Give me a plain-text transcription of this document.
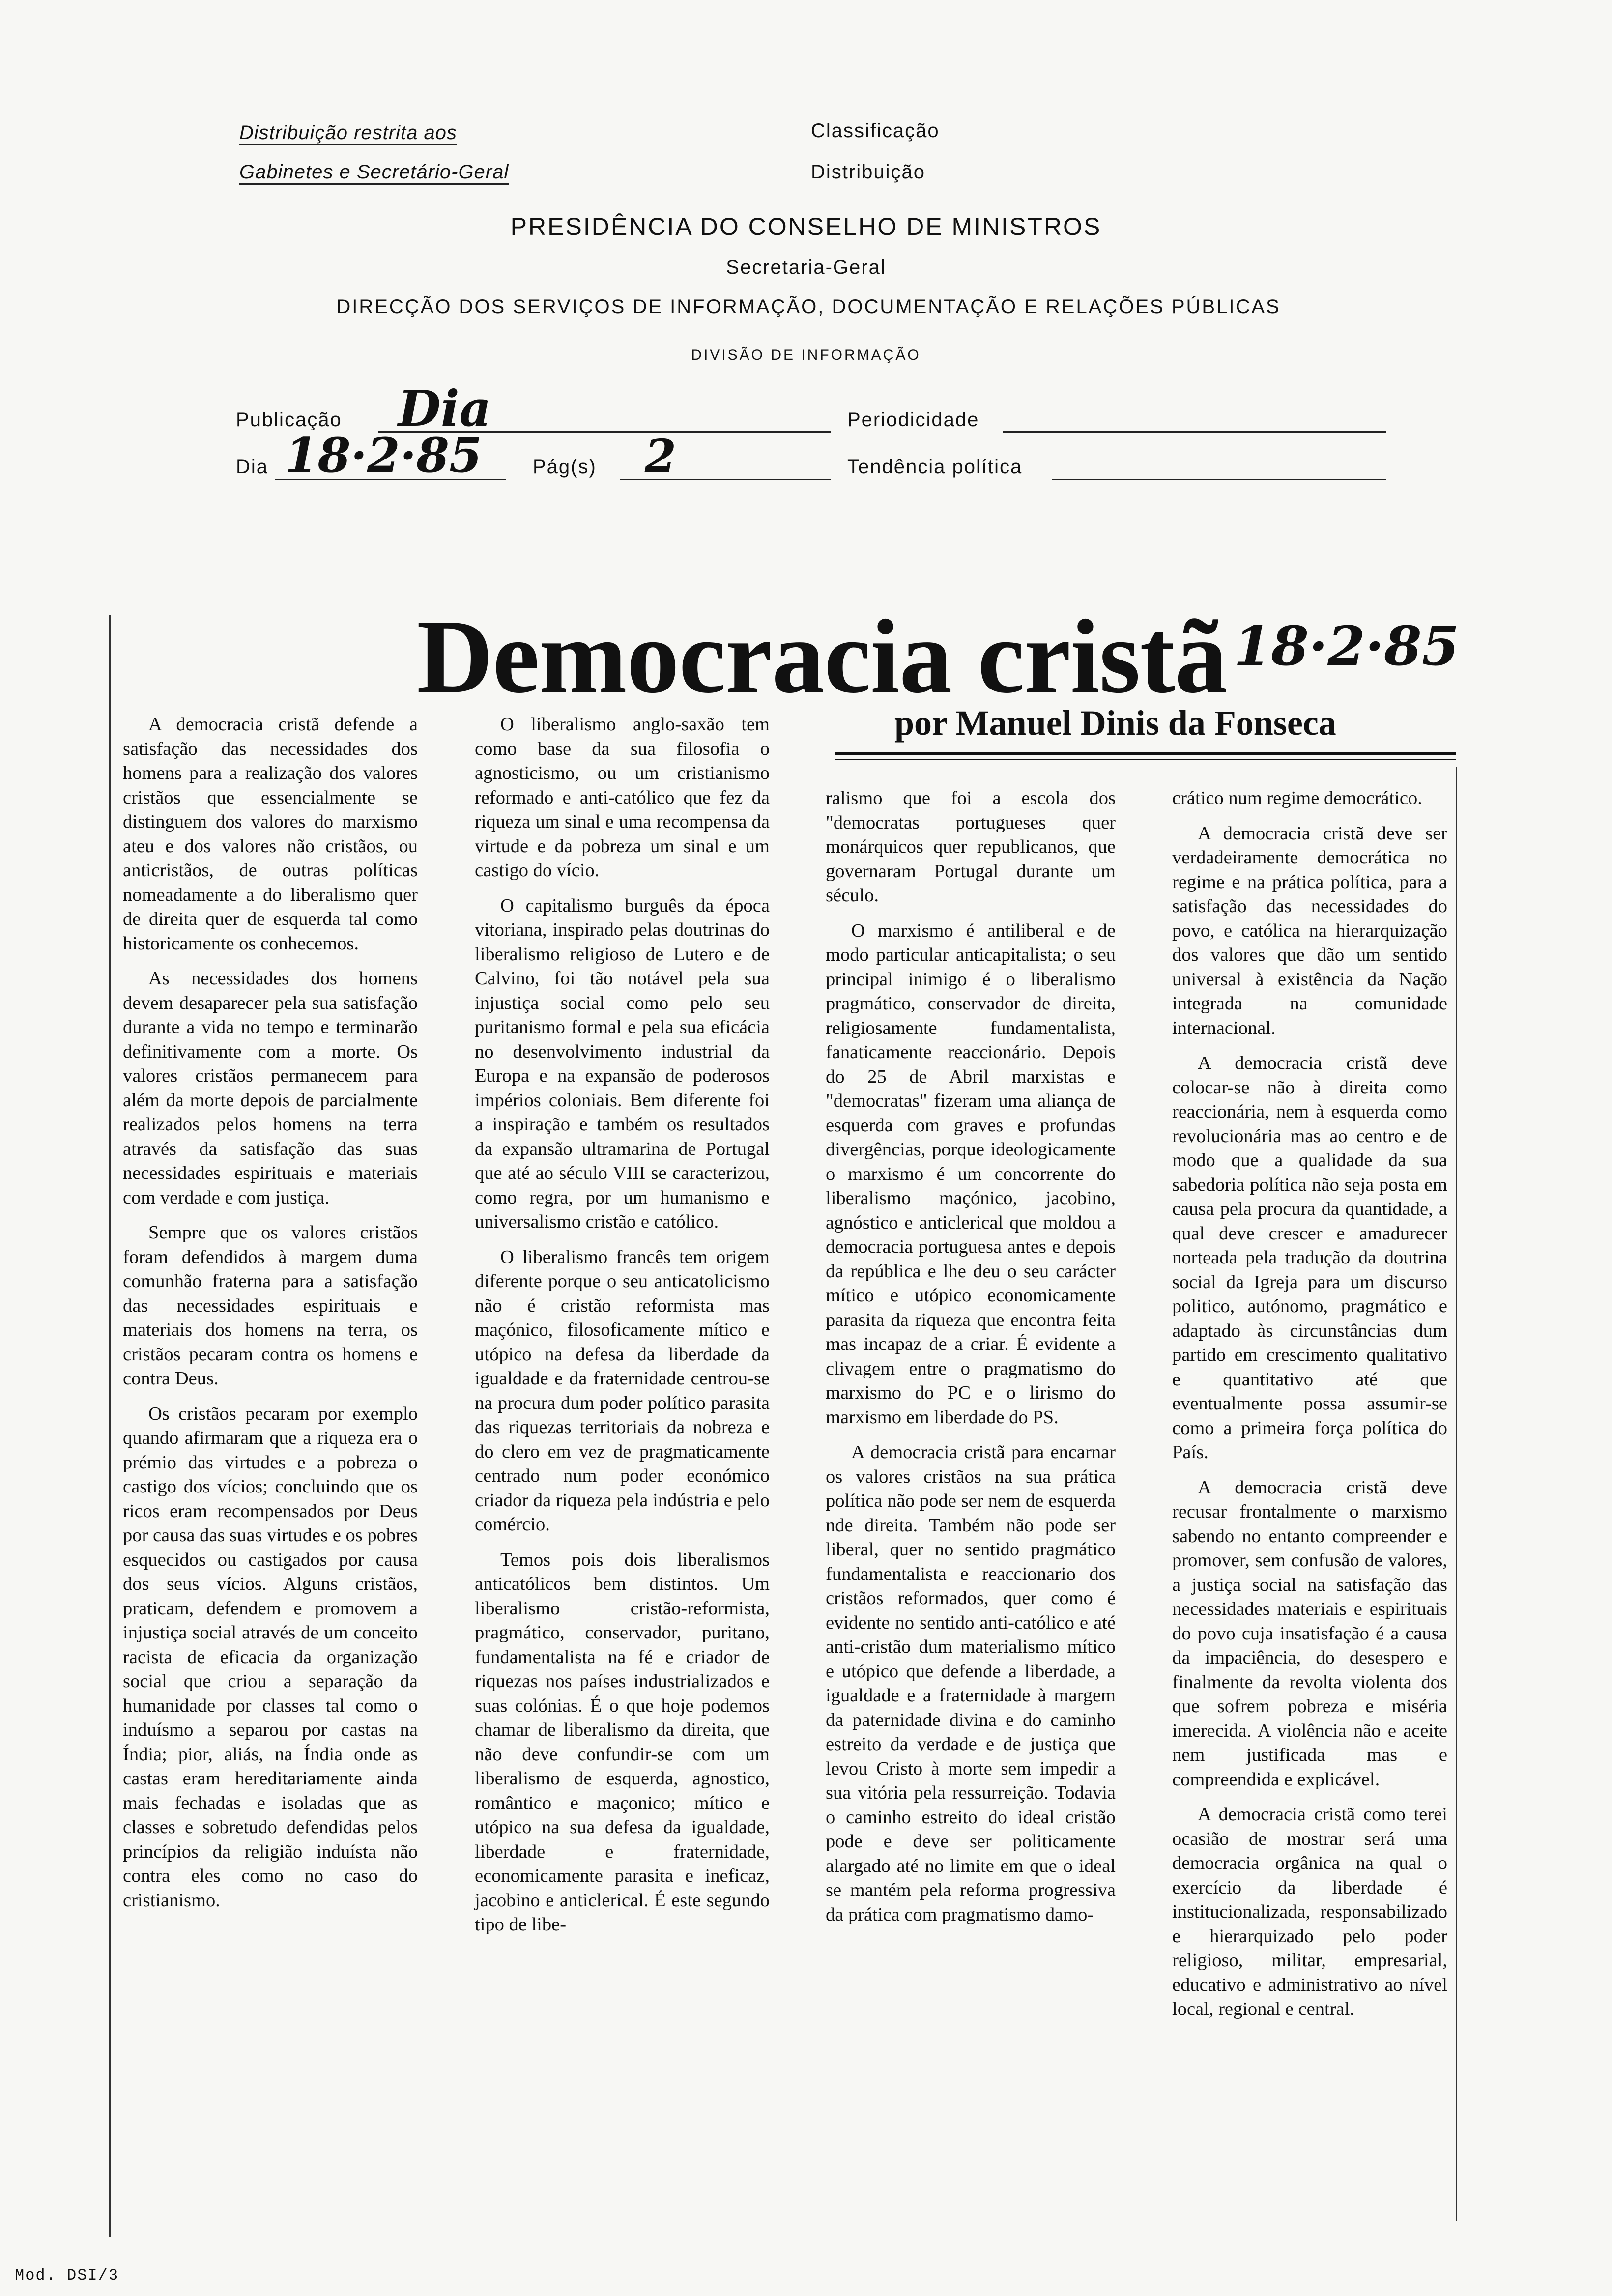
Distribuição restrita aos
Gabinetes e Secretário-Geral
Classificação
Distribuição
PRESIDÊNCIA DO CONSELHO DE MINISTROS
Secretaria-Geral
DIRECÇÃO DOS SERVIÇOS DE INFORMAÇÃO, DOCUMENTAÇÃO E RELAÇÕES PÚBLICAS
DIVISÃO DE INFORMAÇÃO
Publicação Dia	Periodicidade
Dia 18·2·85	Pág(s) 2	Tendência política
Democracia cristã 18·2·85
por Manuel Dinis da Fonseca

A democracia cristã defende a satisfação das necessidades dos homens para a realização dos valores cristãos que essencialmente se distinguem dos valores do marxismo ateu e dos valores não cristãos, ou anticristãos, de outras políticas nomeadamente a do liberalismo quer de direita quer de esquerda tal como historicamente os conhecemos.

As necessidades dos homens devem desaparecer pela sua satisfação durante a vida no tempo e terminarão definitivamente com a morte. Os valores cristãos permanecem para além da morte depois de parcialmente realizados pelos homens na terra através da satisfação das suas necessidades espirituais e materiais com verdade e com justiça.

Sempre que os valores cristãos foram defendidos à margem duma comunhão fraterna para a satisfação das necessidades espirituais e materiais dos homens na terra, os cristãos pecaram contra os homens e contra Deus.

Os cristãos pecaram por exemplo quando afirmaram que a riqueza era o prémio das virtudes e a pobreza o castigo dos vícios; concluindo que os ricos eram recompensados por Deus por causa das suas virtudes e os pobres esquecidos ou castigados por causa dos seus vícios. Alguns cristãos, praticam, defendem e promovem a injustiça social através de um conceito racista de eficacia da organização social que criou a separação da humanidade por classes tal como o induísmo a separou por castas na Índia; pior, aliás, na Índia onde as castas eram hereditariamente ainda mais fechadas e isoladas que as classes e sobretudo defendidas pelos princípios da religião induísta não contra eles como no caso do cristianismo.

O liberalismo anglo-saxão tem como base da sua filosofia o agnosticismo, ou um cristianismo reformado e anti-católico que fez da riqueza um sinal e uma recompensa da virtude e da pobreza um sinal e um castigo do vício.

O capitalismo burguês da época vitoriana, inspirado pelas doutrinas do liberalismo religioso de Lutero e de Calvino, foi tão notável pela sua injustiça social como pelo seu puritanismo formal e pela sua eficácia no desenvolvimento industrial da Europa e na expansão de poderosos impérios coloniais. Bem diferente foi a inspiração e também os resultados da expansão ultramarina de Portugal que até ao século VIII se caracterizou, como regra, por um humanismo e universalismo cristão e católico.

O liberalismo francês tem origem diferente porque o seu anticatolicismo não é cristão reformista mas maçónico, filosoficamente mítico e utópico na defesa da liberdade da igualdade e da fraternidade centrou-se na procura dum poder político parasita das riquezas territoriais da nobreza e do clero em vez de pragmaticamente centrado num poder económico criador da riqueza pela indústria e pelo comércio.

Temos pois dois liberalismos anticatólicos bem distintos. Um liberalismo cristão-reformista, pragmático, conservador, puritano, fundamentalista na fé e criador de riquezas nos países industrializados e suas colónias. É o que hoje podemos chamar de liberalismo da direita, que não deve confundir-se com um liberalismo de esquerda, agnostico, romântico e maçonico; mítico e utópico na sua defesa da igualdade, liberdade e fraternidade, economicamente parasita e ineficaz, jacobino e anticlerical. É este segundo tipo de libe-

ralismo que foi a escola dos "democratas portugueses quer monárquicos quer republicanos, que governaram Portugal durante um século.

O marxismo é antiliberal e de modo particular anticapitalista; o seu principal inimigo é o liberalismo pragmático, conservador de direita, religiosamente fundamentalista, fanaticamente reaccionário. Depois do 25 de Abril marxistas e "democratas" fizeram uma aliança de esquerda com graves e profundas divergências, porque ideologicamente o marxismo é um concorrente do liberalismo maçónico, jacobino, agnóstico e anticlerical que moldou a democracia portuguesa antes e depois da república e lhe deu o seu carácter mítico e utópico economicamente parasita da riqueza que encontra feita mas incapaz de a criar. É evidente a clivagem entre o pragmatismo do marxismo do PC e o lirismo do marxismo em liberdade do PS.

A democracia cristã para encarnar os valores cristãos na sua prática política não pode ser nem de esquerda nde direita. Também não pode ser liberal, quer no sentido pragmático fundamentalista e reaccionario dos cristãos reformados, quer como é evidente no sentido anti-católico e até anti-cristão dum materialismo mítico e utópico que defende a liberdade, a igualdade e a fraternidade à margem da paternidade divina e do caminho estreito da verdade e de justiça que levou Cristo à morte sem impedir a sua vitória pela ressurreição. Todavia o caminho estreito do ideal cristão pode e deve ser politicamente alargado até no limite em que o ideal se mantém pela reforma progressiva da prática com pragmatismo damo-

crático num regime democrático.

A democracia cristã deve ser verdadeiramente democrática no regime e na prática política, para a satisfação das necessidades do povo, e católica na hierarquização dos valores que dão um sentido universal à existência da Nação integrada na comunidade internacional.

A democracia cristã deve colocar-se não à direita como reaccionária, nem à esquerda como revolucionária mas ao centro e de modo que a qualidade da sua sabedoria política não seja posta em causa pela procura da quantidade, a qual deve crescer e amadurecer norteada pela tradução da doutrina social da Igreja para um discurso politico, autónomo, pragmático e adaptado às circunstâncias dum partido em crescimento qualitativo e quantitativo até que eventualmente possa assumir-se como a primeira força política do País.

A democracia cristã deve recusar frontalmente o marxismo sabendo no entanto compreender e promover, sem confusão de valores, a justiça social na satisfação das necessidades materiais e espirituais do povo cuja insatisfação é a causa da impaciência, do desespero e finalmente da revolta violenta dos que sofrem pobreza e miséria imerecida. A violência não e aceite nem justificada mas e compreendida e explicável.

A democracia cristã como terei ocasião de mostrar será uma democracia orgânica na qual o exercício da liberdade é institucionalizada, responsabilizado e hierarquizado pelo poder religioso, militar, empresarial, educativo e administrativo ao nível local, regional e central.

Mod. DSI/3
